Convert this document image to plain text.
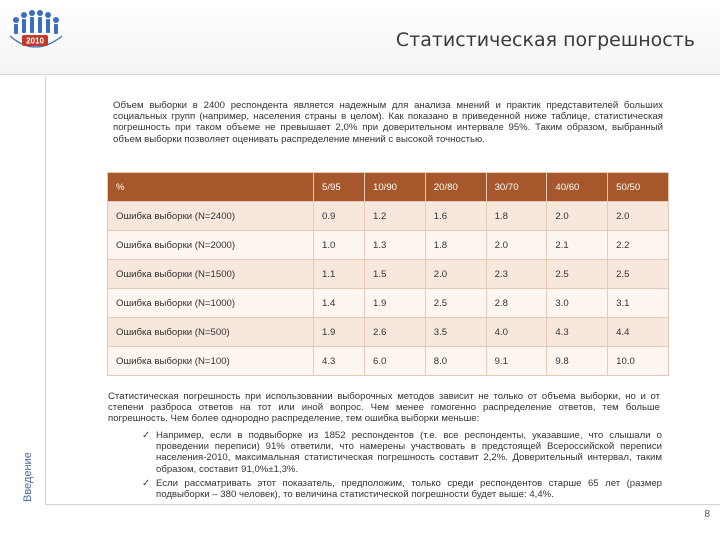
2010	Статистическая погрешность
Введение

Объем выборки в 2400 респондента является надежным для анализа мнений и практик представителей больших социальных групп (например, населения страны в целом). Как показано в приведенной ниже таблице, статистическая погрешность при таком объеме не превышает 2,0% при доверительном интервале 95%. Таким образом, выбранный объем выборки позволяет оценивать распределение мнений с высокой точностью.

%	5/95	10/90	20/80	30/70	40/60	50/50
Ошибка выборки (N=2400)	0.9	1.2	1.6	1.8	2.0	2.0
Ошибка выборки (N=2000)	1.0	1.3	1.8	2.0	2.1	2.2
Ошибка выборки (N=1500)	1.1	1.5	2.0	2.3	2.5	2.5
Ошибка выборки (N=1000)	1.4	1.9	2.5	2.8	3.0	3.1
Ошибка выборки (N=500)	1.9	2.6	3.5	4.0	4.3	4.4
Ошибка выборки (N=100)	4.3	6.0	8.0	9.1	9.8	10.0

Статистическая погрешность при использовании выборочных методов зависит не только от объема выборки, но и от степени разброса ответов на тот или иной вопрос. Чем менее гомогенно распределение ответов, тем больше погрешность. Чем более однородно распределение, тем ошибка выборки меньше:

✓ Например, если в подвыборке из 1852 респондентов (т.е. все респонденты, указавшие, что слышали о проведении переписи) 91% ответили, что намерены участвовать в предстоящей Всероссийской переписи населения-2010, максимальная статистическая погрешность составит 2,2%. Доверительный интервал, таким образом, составит 91,0%±1,3%.
✓ Если рассматривать этот показатель, предположим, только среди респондентов старше 65 лет (размер подвыборки – 380 человек), то величина статистической погрешности будет выше: 4,4%.
8
